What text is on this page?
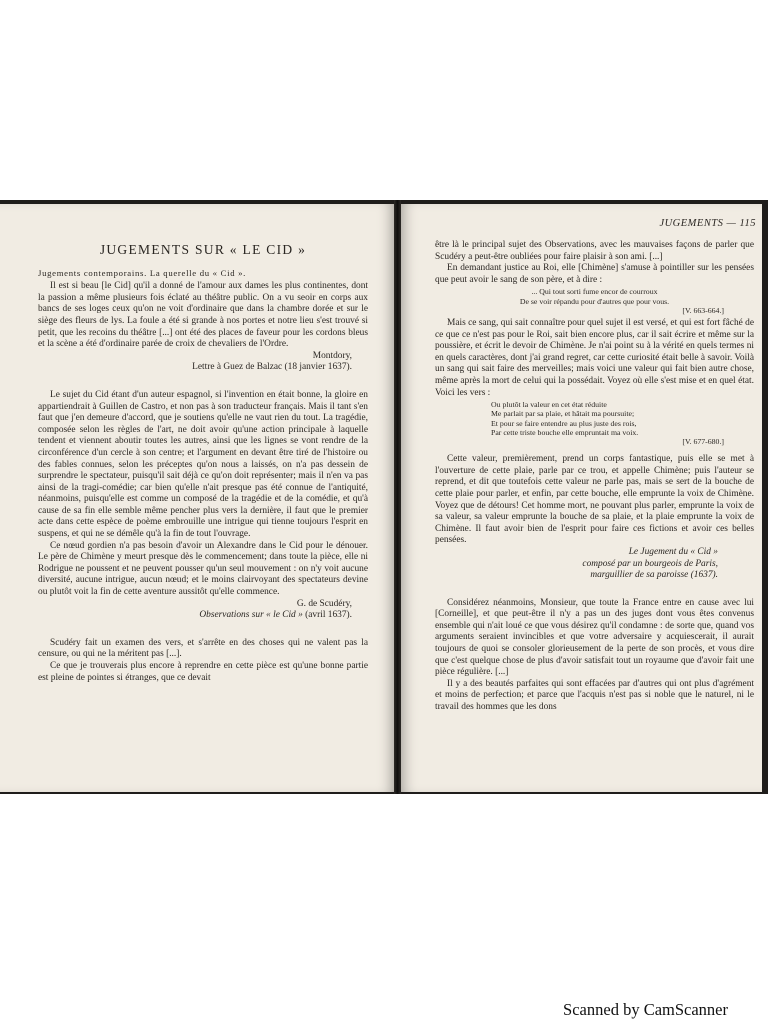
JUGEMENTS SUR « LE CID »
Jugements contemporains. La querelle du « Cid ».

Il est si beau [le Cid] qu'il a donné de l'amour aux dames les plus continentes, dont la passion a même plusieurs fois éclaté au théâtre public. On a vu seoir en corps aux bancs de ses loges ceux qu'on ne voit d'ordinaire que dans la chambre dorée et sur le siège des fleurs de lys. La foule a été si grande à nos portes et notre lieu s'est trouvé si petit, que les recoins du théâtre [...] ont été des places de faveur pour les cordons bleus et la scène a été d'ordinaire parée de croix de chevaliers de l'Ordre.

Montdory,
Lettre à Guez de Balzac (18 janvier 1637).

Le sujet du Cid étant d'un auteur espagnol, si l'invention en était bonne, la gloire en appartiendrait à Guillen de Castro, et non pas à son traducteur français. Mais il tant s'en faut que j'en demeure d'accord, que je soutiens qu'elle ne vaut rien du tout. La tragédie, composée selon les règles de l'art, ne doit avoir qu'une action principale à laquelle tendent et viennent aboutir toutes les autres, ainsi que les lignes se vont rendre de la circonférence d'un cercle à son centre; et l'argument en devant être tiré de l'histoire ou des fables connues, selon les préceptes qu'on nous a laissés, on n'a pas dessein de surprendre le spectateur, puisqu'il sait déjà ce qu'on doit représenter; mais il n'en va pas ainsi de la tragi-comédie; car bien qu'elle n'ait presque pas été connue de l'antiquité, néanmoins, puisqu'elle est comme un composé de la tragédie et de la comédie, et qu'à cause de sa fin elle semble même pencher plus vers la dernière, il faut que le premier acte dans cette espèce de poème embrouille une intrigue qui tienne toujours l'esprit en suspens, et qui ne se démêle qu'à la fin de tout l'ouvrage.

Ce nœud gordien n'a pas besoin d'avoir un Alexandre dans le Cid pour le dénouer. Le père de Chimène y meurt presque dès le commencement; dans toute la pièce, elle ni Rodrigue ne poussent et ne peuvent pousser qu'un seul mouvement : on n'y voit aucune diversité, aucune intrigue, aucun nœud; et le moins clairvoyant des spectateurs devine ou plutôt voit la fin de cette aventure aussitôt qu'elle commence.

G. de Scudéry,
Observations sur « le Cid » (avril 1637).

Scudéry fait un examen des vers, et s'arrête en des choses qui ne valent pas la censure, ou qui ne la méritent pas [...].

Ce que je trouverais plus encore à reprendre en cette pièce est qu'une bonne partie est pleine de pointes si étranges, que ce devait

JUGEMENTS — 115

être là le principal sujet des Observations, avec les mauvaises façons de parler que Scudéry a peut-être oubliées pour faire plaisir à son ami. [...]

En demandant justice au Roi, elle [Chimène] s'amuse à pointiller sur les pensées que peut avoir le sang de son père, et à dire :

... Qui tout sorti fume encor de courroux
De se voir répandu pour d'autres que pour vous.
[V. 663-664.]

Mais ce sang, qui sait connaître pour quel sujet il est versé, et qui est fort fâché de ce que ce n'est pas pour le Roi, sait bien encore plus, car il sait écrire et même sur la poussière, et écrit le devoir de Chimène. Je n'ai point su à la vérité en quels termes ni en quels caractères, dont j'ai grand regret, car cette curiosité était belle à savoir. Voilà un sang qui sait faire des merveilles; mais voici une valeur qui fait bien autre chose, même après la mort de celui qui la possédait. Voyez où elle s'est mise et en quel état. Voici les vers :

Ou plutôt la valeur en cet état réduite
Me parlait par sa plaie, et hâtait ma poursuite;
Et pour se faire entendre au plus juste des rois,
Par cette triste bouche elle empruntait ma voix.
[V. 677-680.]

Cette valeur, premièrement, prend un corps fantastique, puis elle se met à l'ouverture de cette plaie, parle par ce trou, et appelle Chimène; puis l'auteur se reprend, et dit que toutefois cette valeur ne parle pas, mais se sert de la bouche de cette plaie pour parler, et enfin, par cette bouche, elle emprunte la voix de Chimène. Voyez que de détours! Cet homme mort, ne pouvant plus parler, emprunte la voix de sa valeur, sa valeur emprunte la bouche de sa plaie, et la plaie emprunte la voix de Chimène. Il faut avoir bien de l'esprit pour faire ces fictions et avoir ces belles pensées.

Le Jugement du « Cid »
composé par un bourgeois de Paris,
marguillier de sa paroisse (1637).

Considérez néanmoins, Monsieur, que toute la France entre en cause avec lui [Corneille], et que peut-être il n'y a pas un des juges dont vous êtes convenus ensemble qui n'ait loué ce que vous désirez qu'il condamne : de sorte que, quand vos arguments seraient invincibles et que votre adversaire y acquiescerait, il aurait toujours de quoi se consoler glorieusement de la perte de son procès, et vous dire que c'est quelque chose de plus d'avoir satisfait tout un royaume que d'avoir fait une pièce régulière. [...]

Il y a des beautés parfaites qui sont effacées par d'autres qui ont plus d'agrément et moins de perfection; et parce que l'acquis n'est pas si noble que le naturel, ni le travail des hommes que les dons

Scanned by CamScanner
